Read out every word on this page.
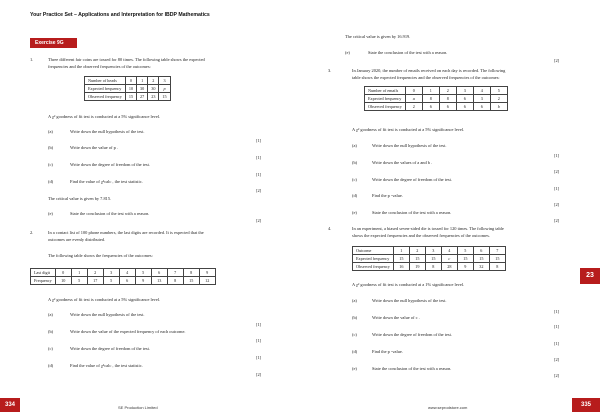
Your Practice Set – Applications and Interpretation for IBDP Mathematics
Exercise 9G
1.	Three different fair coins are tossed for 80 times. The following table shows the expected
frequencies and the observed frequencies of the outcomes:
Number of heads	0	1	2	3
Expected frequency	10	30	30	p
Observed frequency	15	27	23	15
A χ² goodness of fit test is conducted at a 5% significance level.
(a)	Write down the null hypothesis of the test.
[1]
(b)	Write down the value of p .
[1]
(c)	Write down the degree of freedom of the test.
[1]
(d)	Find the value of χ²calc , the test statistic.
[2]
The critical value is given by 7.815.
(e)	State the conclusion of the test with a reason.
[2]
2.	In a contact list of 100 phone numbers, the last digits are recorded. It is expected that the
outcomes are evenly distributed.
The following table shows the frequencies of the outcomes:
Last digit	0	1	2	3	4	5	6	7	8	9
Frequency	10	5	17	5	6	9	13	8	15	12
A χ² goodness of fit test is conducted at a 5% significance level.
(a)	Write down the null hypothesis of the test.
[1]
(b)	Write down the value of the expected frequency of each outcome.
[1]
(c)	Write down the degree of freedom of the test.
[1]
(d)	Find the value of χ²calc , the test statistic.
[2]
The critical value is given by 16.919.
(e)	State the conclusion of the test with a reason.
[2]
3.	In January 2020, the number of emails received on each day is recorded. The following
table shows the expected frequencies and the observed frequencies of the outcomes:
Number of emails	0	1	2	3	4	5
Expected frequency	a	8	8	6	3	2
Observed frequency	2	6	6	6	6	b
A χ² goodness of fit test is conducted at a 5% significance level.
(a)	Write down the null hypothesis of the test.
[1]
(b)	Write down the values of a and b .
[2]
(c)	Write down the degree of freedom of the test.
[1]
(d)	Find the p -value.
[2]
(e)	State the conclusion of the test with a reason.
[2]
4.	In an experiment, a biased seven-sided die is tossed for 120 times. The following table
shows the expected frequencies and the observed frequencies of the outcomes.
Outcome	1	2	3	4	5	6	7
Expected frequency	15	15	15	c	15	15	15
Observed frequency	16	19	8	28	9	32	8
A χ² goodness of fit test is conducted at a 1% significance level.
(a)	Write down the null hypothesis of the test.
[1]
(b)	Write down the value of c .
[1]
(c)	Write down the degree of freedom of the test.
[1]
(d)	Find the p -value.
[2]
(e)	State the conclusion of the test with a reason.
[2]
23
334	335
SE Production Limited	www.seprodstore.com
